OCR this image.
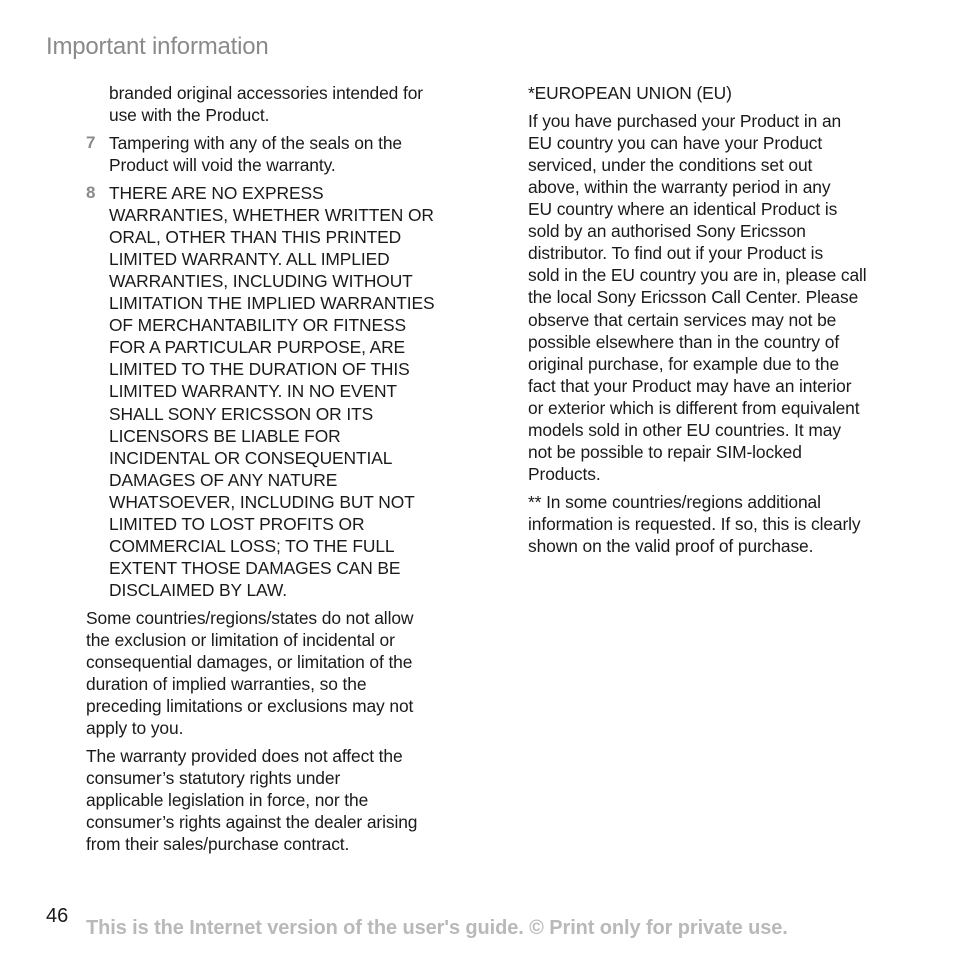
Important information
branded original accessories intended for
use with the Product.
7 Tampering with any of the seals on the
Product will void the warranty.
8 THERE ARE NO EXPRESS
WARRANTIES, WHETHER WRITTEN OR
ORAL, OTHER THAN THIS PRINTED
LIMITED WARRANTY. ALL IMPLIED
WARRANTIES, INCLUDING WITHOUT
LIMITATION THE IMPLIED WARRANTIES
OF MERCHANTABILITY OR FITNESS
FOR A PARTICULAR PURPOSE, ARE
LIMITED TO THE DURATION OF THIS
LIMITED WARRANTY. IN NO EVENT
SHALL SONY ERICSSON OR ITS
LICENSORS BE LIABLE FOR
INCIDENTAL OR CONSEQUENTIAL
DAMAGES OF ANY NATURE
WHATSOEVER, INCLUDING BUT NOT
LIMITED TO LOST PROFITS OR
COMMERCIAL LOSS; TO THE FULL
EXTENT THOSE DAMAGES CAN BE
DISCLAIMED BY LAW.
Some countries/regions/states do not allow
the exclusion or limitation of incidental or
consequential damages, or limitation of the
duration of implied warranties, so the
preceding limitations or exclusions may not
apply to you.
The warranty provided does not affect the
consumer’s statutory rights under
applicable legislation in force, nor the
consumer’s rights against the dealer arising
from their sales/purchase contract.
*EUROPEAN UNION (EU)
If you have purchased your Product in an
EU country you can have your Product
serviced, under the conditions set out
above, within the warranty period in any
EU country where an identical Product is
sold by an authorised Sony Ericsson
distributor. To find out if your Product is
sold in the EU country you are in, please call
the local Sony Ericsson Call Center. Please
observe that certain services may not be
possible elsewhere than in the country of
original purchase, for example due to the
fact that your Product may have an interior
or exterior which is different from equivalent
models sold in other EU countries. It may
not be possible to repair SIM-locked
Products.
** In some countries/regions additional
information is requested. If so, this is clearly
shown on the valid proof of purchase.
46
This is the Internet version of the user's guide. © Print only for private use.
